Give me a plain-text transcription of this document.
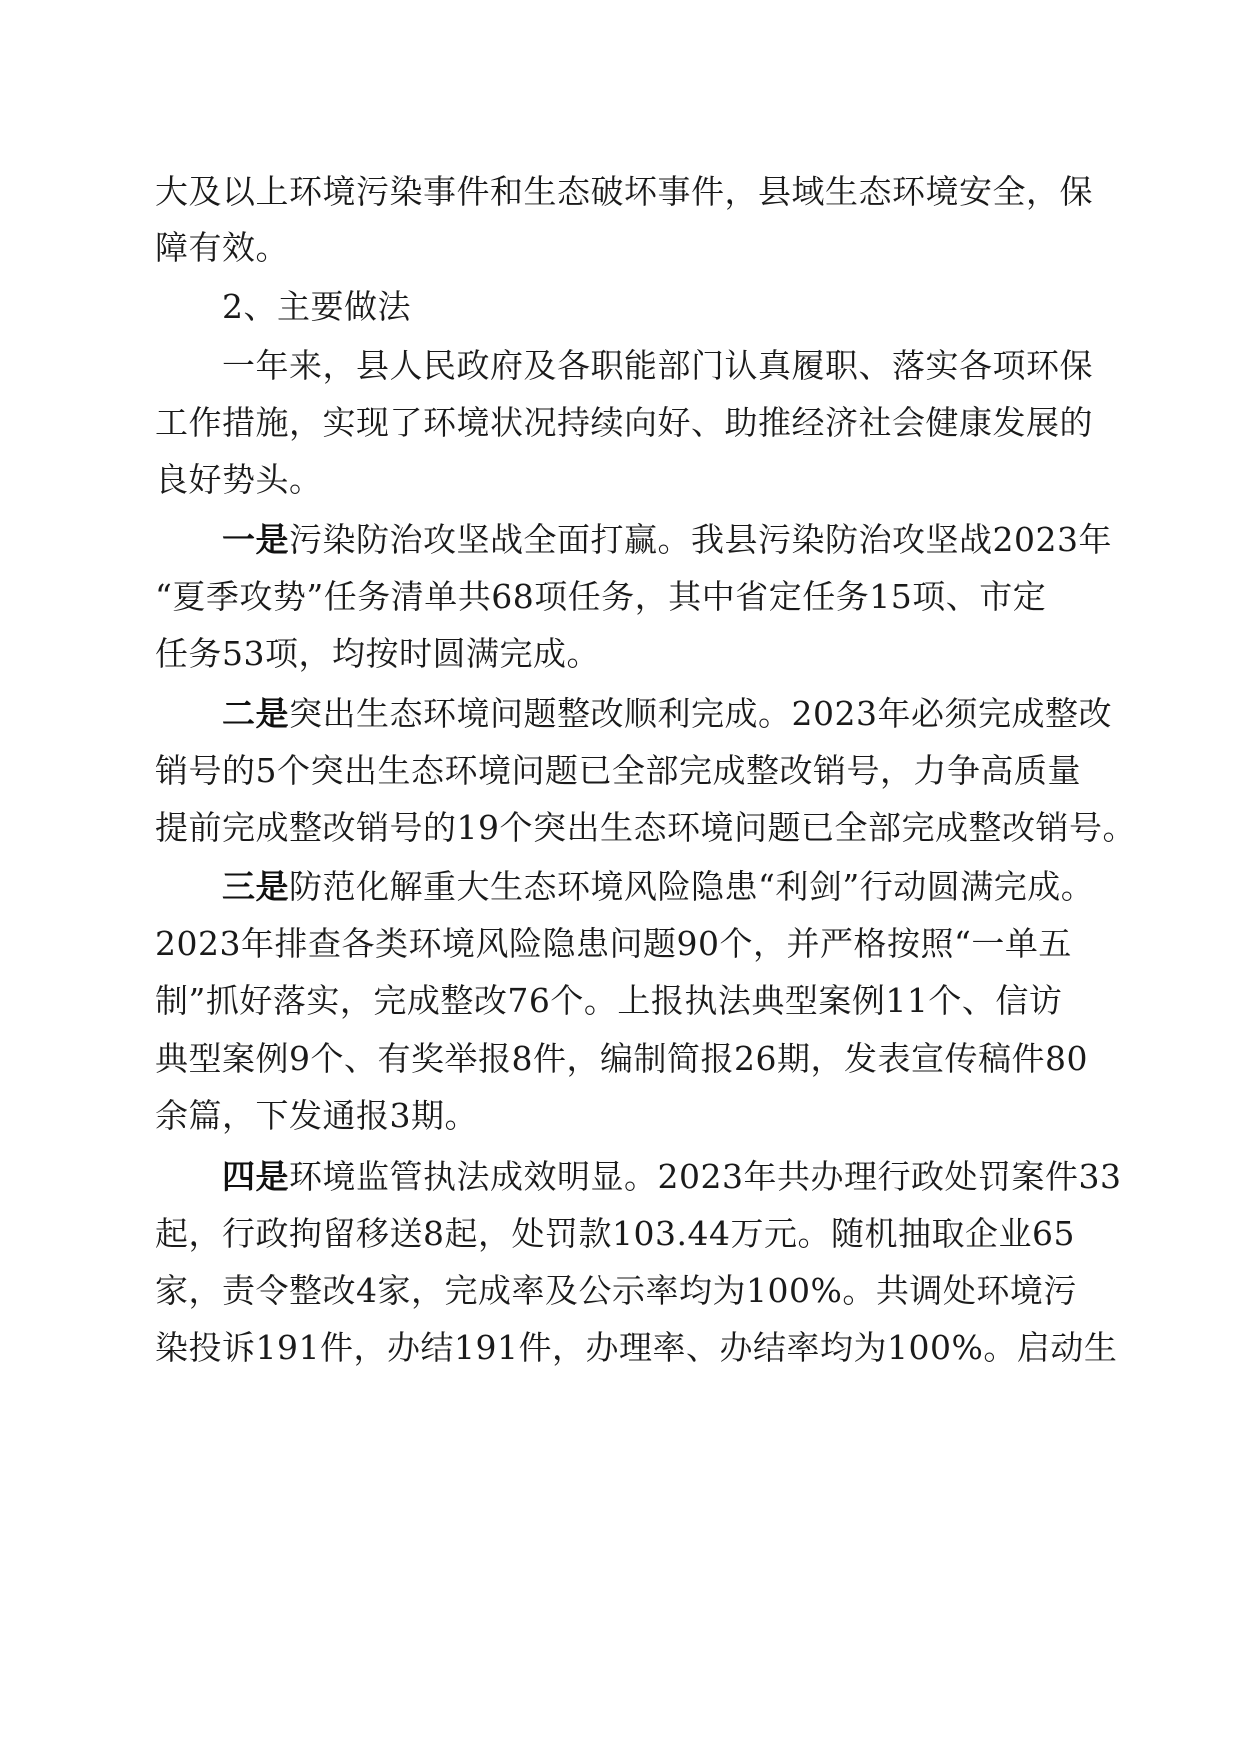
大及以上环境污染事件和生态破坏事件，县域生态环境安全，保

障有效。

2、主要做法

一年来，县人民政府及各职能部门认真履职、落实各项环保

工作措施，实现了环境状况持续向好、助推经济社会健康发展的

良好势头。

一是污染防治攻坚战全面打赢。我县污染防治攻坚战2023年

“夏季攻势”任务清单共68项任务，其中省定任务15项、市定

任务53项，均按时圆满完成。

二是突出生态环境问题整改顺利完成。2023年必须完成整改

销号的5个突出生态环境问题已全部完成整改销号，力争高质量

提前完成整改销号的19个突出生态环境问题已全部完成整改销号。

三是防范化解重大生态环境风险隐患“利剑”行动圆满完成。

2023年排查各类环境风险隐患问题90个，并严格按照“一单五

制”抓好落实，完成整改76个。上报执法典型案例11个、信访

典型案例9个、有奖举报8件，编制简报26期，发表宣传稿件80

余篇，下发通报3期。

四是环境监管执法成效明显。2023年共办理行政处罚案件33

起，行政拘留移送8起，处罚款103.44万元。随机抽取企业65

家，责令整改4家，完成率及公示率均为100%。共调处环境污

染投诉191件，办结191件，办理率、办结率均为100%。启动生
